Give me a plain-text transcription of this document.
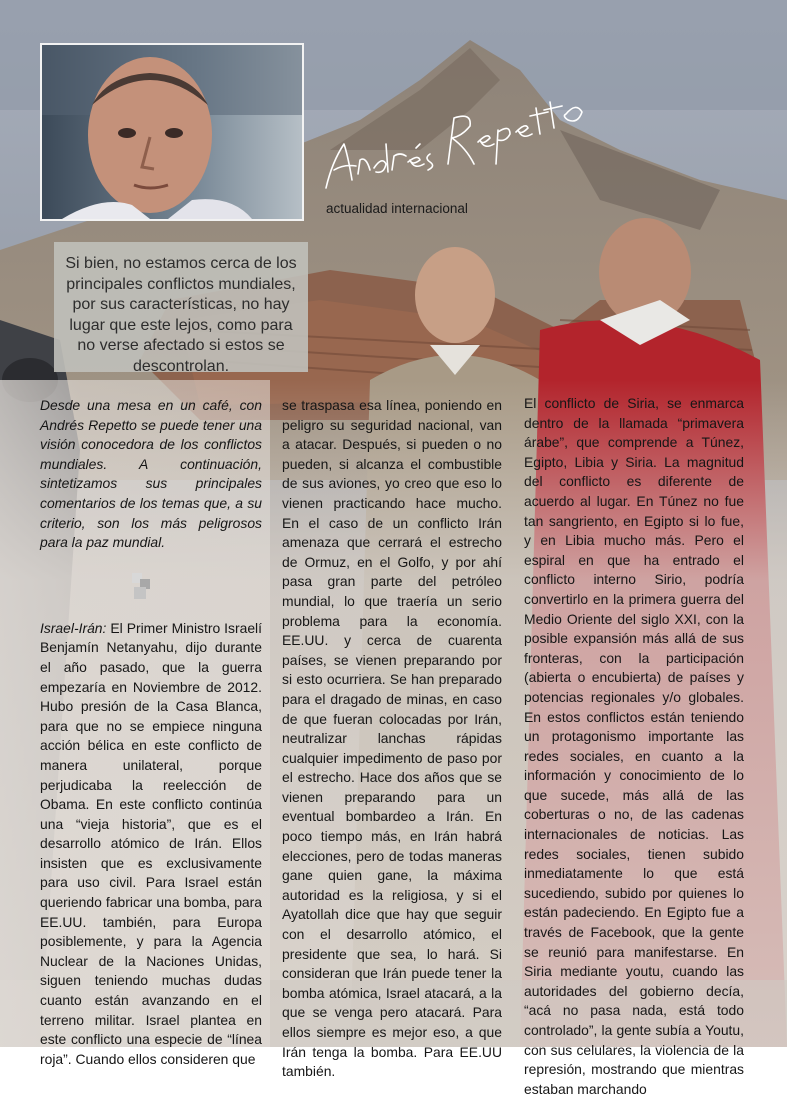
actualidad internacional
Si bien, no estamos cerca de los principales conflictos mundiales, por sus características, no hay lugar que este lejos, como para no verse afectado si estos se descontrolan.

Desde una mesa en un café, con Andrés Repetto se puede tener una visión conocedora de los conflictos mundiales. A continuación, sintetizamos sus principales comentarios de los temas que, a su criterio, son los más peligrosos para la paz mundial.

Israel-Irán: El Primer Ministro Israelí Benjamín Netanyahu, dijo durante el año pasado, que la guerra empezaría en Noviembre de 2012. Hubo presión de la Casa Blanca, para que no se empiece ninguna acción bélica en este conflicto de manera unilateral, porque perjudicaba la reelección de Obama. En este conflicto continúa una “vieja historia”, que es el desarrollo atómico de Irán. Ellos insisten que es exclusivamente para uso civil. Para Israel están queriendo fabricar una bomba, para EE.UU. también, para Europa posiblemente, y para la Agencia Nuclear de la Naciones Unidas, siguen teniendo muchas dudas cuanto están avanzando en el terreno militar. Israel plantea en este conflicto una especie de “línea roja”. Cuando ellos consideren que

se traspasa esa línea, poniendo en peligro su seguridad nacional, van a atacar. Después, si pueden o no pueden, si alcanza el combustible de sus aviones, yo creo que eso lo vienen practicando hace mucho. En el caso de un conflicto Irán amenaza que cerrará el estrecho de Ormuz, en el Golfo, y por ahí pasa gran parte del petróleo mundial, lo que traería un serio problema para la economía. EE.UU. y cerca de cuarenta países, se vienen preparando por si esto ocurriera. Se han preparado para el dragado de minas, en caso de que fueran colocadas por Irán, neutralizar lanchas rápidas cualquier impedimento de paso por el estrecho. Hace dos años que se vienen preparando para un eventual bombardeo a Irán. En poco tiempo más, en Irán habrá elecciones, pero de todas maneras gane quien gane, la máxima autoridad es la religiosa, y si el Ayatollah dice que hay que seguir con el desarrollo atómico, el presidente que sea, lo hará. Si consideran que Irán puede tener la bomba atómica, Israel atacará, a la que se venga pero atacará. Para ellos siempre es mejor eso, a que Irán tenga la bomba. Para EE.UU también.

El conflicto de Siria, se enmarca dentro de la llamada “primavera árabe”, que comprende a Túnez, Egipto, Libia y Siria. La magnitud del conflicto es diferente de acuerdo al lugar. En Túnez no fue tan sangriento, en Egipto si lo fue, y en Libia mucho más. Pero el espiral en que ha entrado el conflicto interno Sirio, podría convertirlo en la primera guerra del Medio Oriente del siglo XXI, con la posible expansión más allá de sus fronteras, con la participación (abierta o encubierta) de países y potencias regionales y/o globales. En estos conflictos están teniendo un protagonismo importante las redes sociales, en cuanto a la información y conocimiento de lo que sucede, más allá de las coberturas o no, de las cadenas internacionales de noticias. Las redes sociales, tienen subido inmediatamente lo que está sucediendo, subido por quienes lo están padeciendo. En Egipto fue a través de Facebook, que la gente se reunió para manifestarse. En Siria mediante youtu, cuando las autoridades del gobierno decía, “acá no pasa nada, está todo controlado”, la gente subía a Youtu, con sus celulares, la violencia de la represión, mostrando que mientras estaban marchando
